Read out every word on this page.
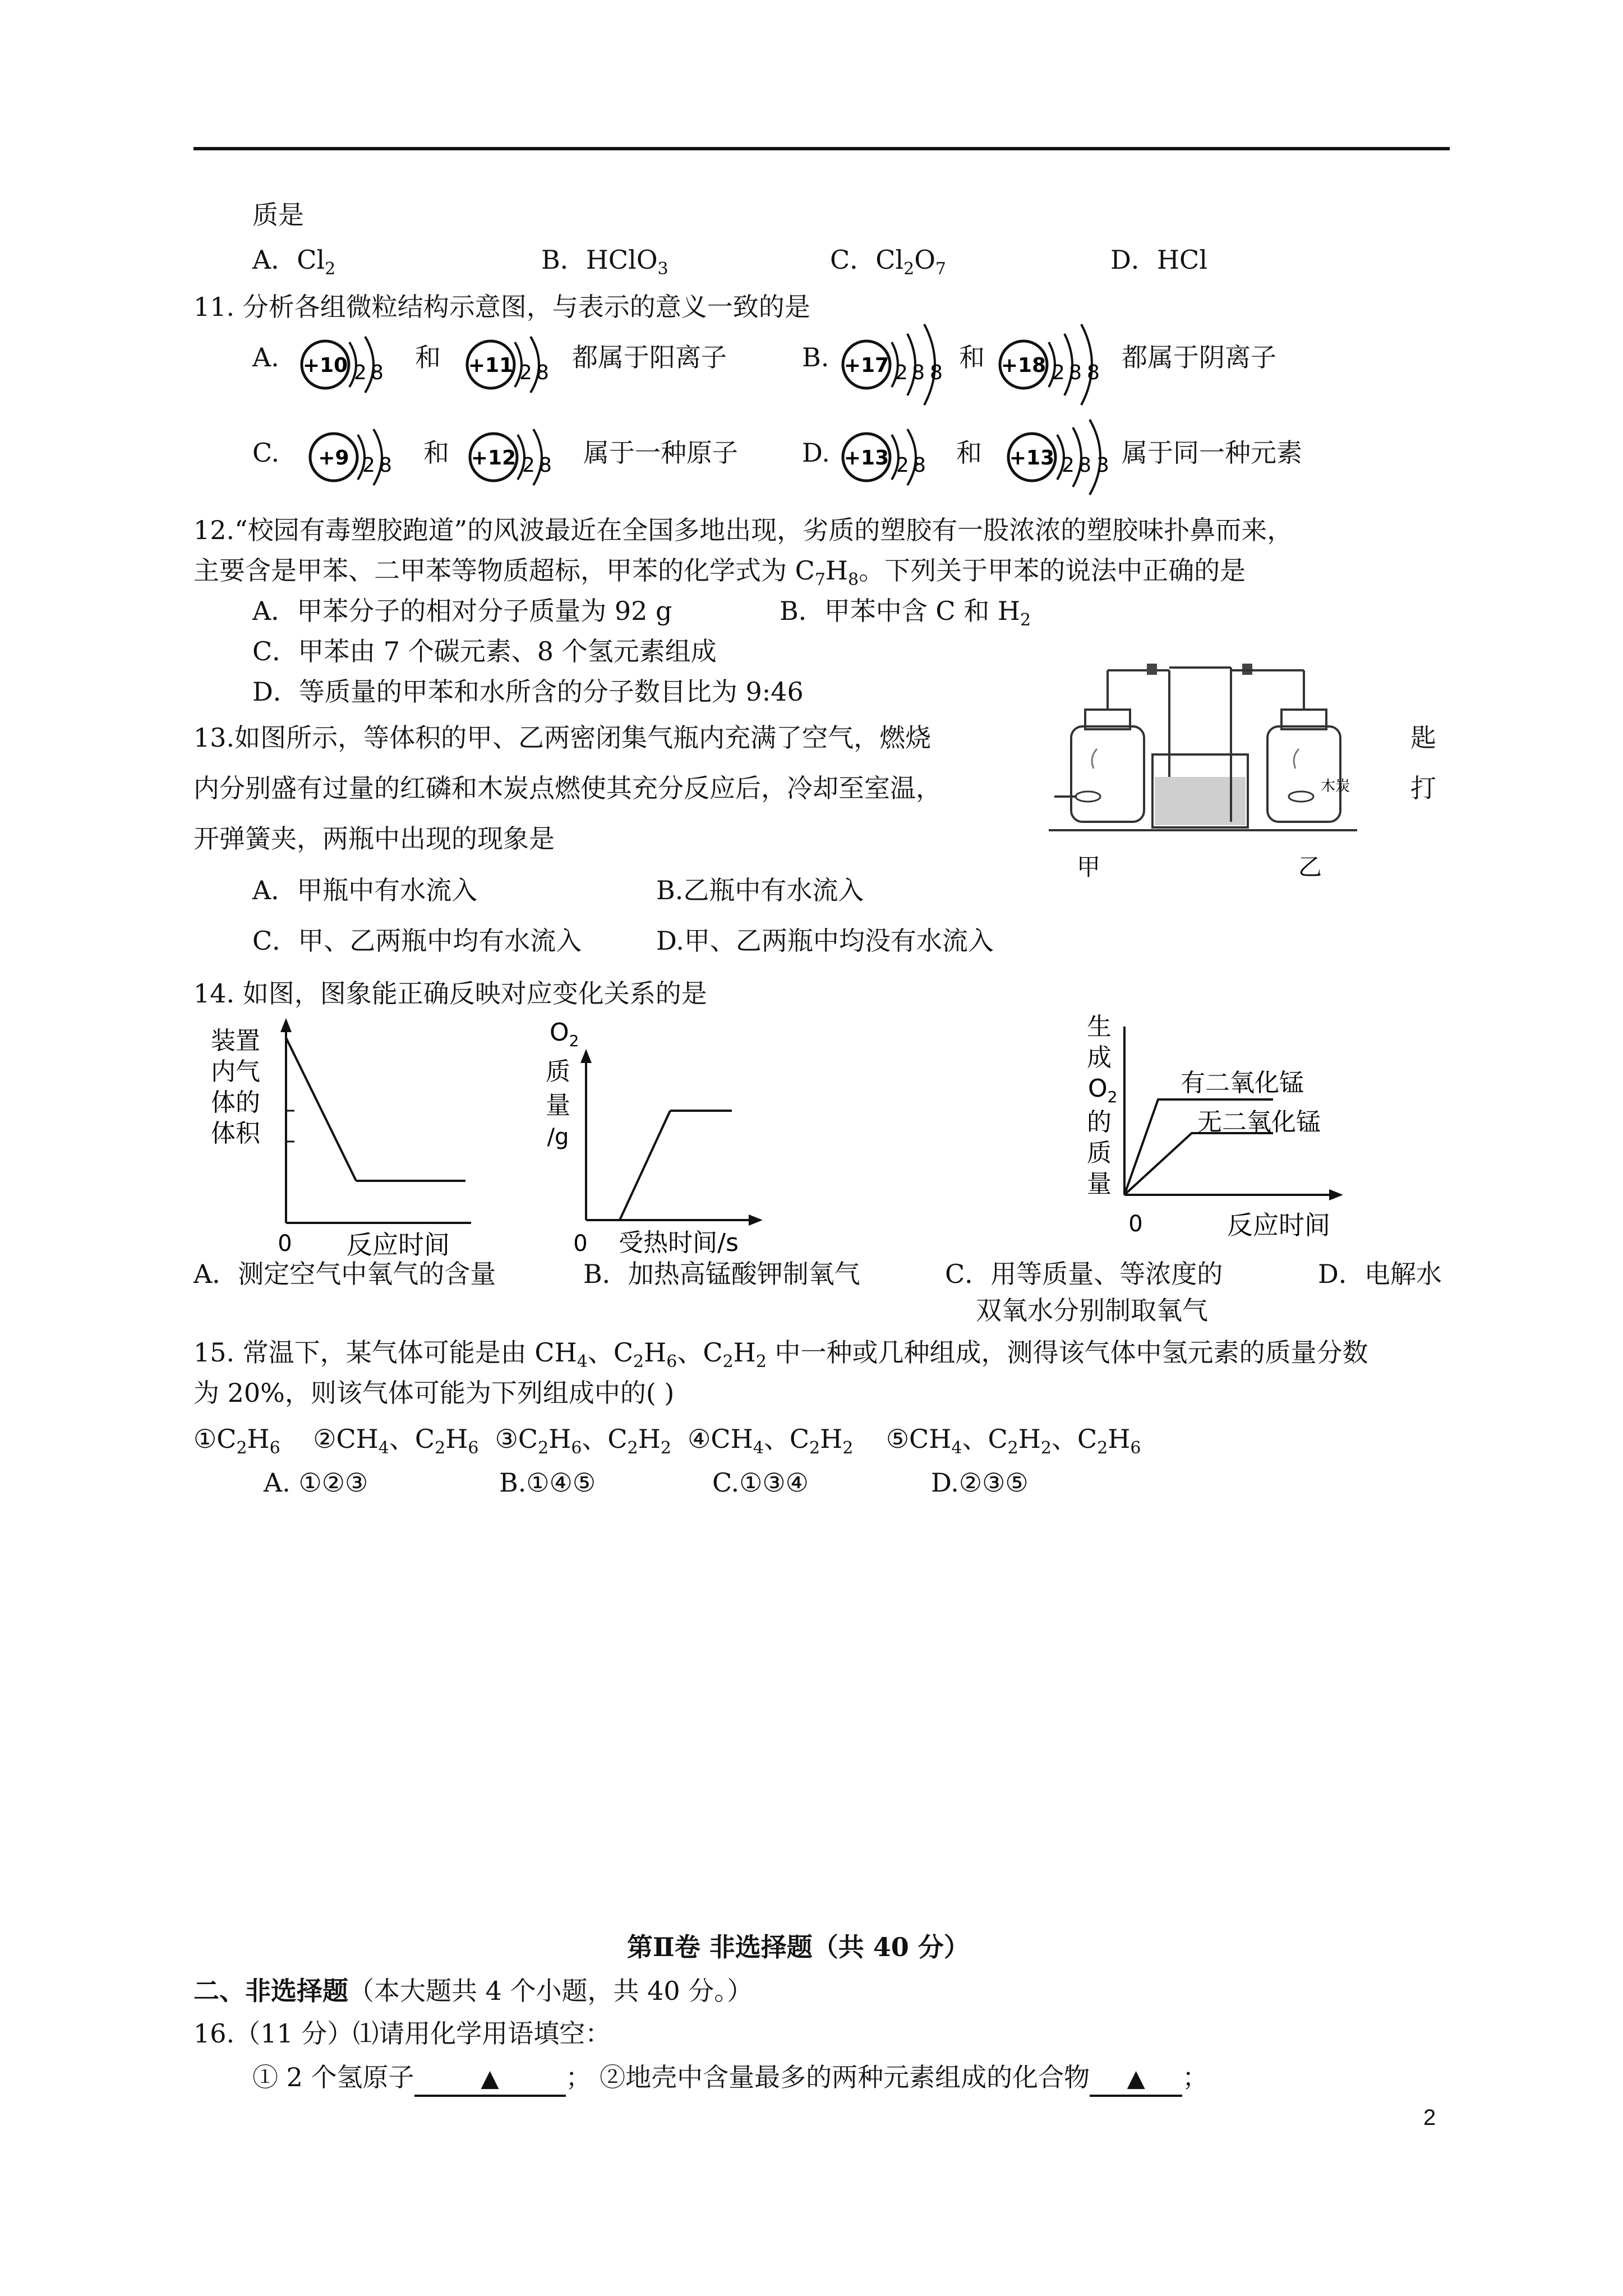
质是
A．$Cl_2$	B．HClO$_3$	C．$Cl_2O_7$	D．HCl
11. 分析各组微粒结构示意图，与表示的意义一致的是
A. +10 2 8
和 +11 2 8
都属于阳离子	B. +17 2 8 8
和 +18 2 8 8
都属于阴离子
C. +9 2 8 和 +12 2 8 属于一种原子 D. +13 2 8 和 +13 2 8 3 属于同一种元素
12.“校园有毒塑胶跑道”的风波最近在全国多地出现，劣质的塑胶有一股浓浓的塑胶味扑鼻而来，
主要含是甲苯、二甲苯等物质超标，甲苯的化学式为 $C_7H_8$。下列关于甲苯的说法中正确的是
A．甲苯分子的相对分子质量为 92 g	B．甲苯中含 C 和 $H_2$
C．甲苯由 7 个碳元素、8 个氢元素组成
D．等质量的甲苯和水所含的分子数目比为 9:46
13.如图所示，等体积的甲、乙两密闭集气瓶内充满了空气，燃烧	匙
内分别盛有过量的红磷和木炭点燃使其充分反应后，冷却至室温，	打
开弹簧夹，两瓶中出现的现象是
A．甲瓶中有水流入	B.乙瓶中有水流入
C．甲、乙两瓶中均有水流入	D.甲、乙两瓶中均没有水流入
木炭
甲	乙
14. 如图，图象能正确反映对应变化关系的是
装置
内气
体的
体积
0 反应时间
$O_2$
质
量
/g
0 受热时间/s
生
成
$O_2$
的
质
量
有二氧化锰
无二氧化锰
0	反应时间
A．测定空气中氧气的含量	B．加热高锰酸钾制氧气	C．用等质量、等浓度的
双氧水分别制取氧气
D．电解水
15. 常温下，某气体可能是由 $CH_4$、$C_2H_6$、$C_2H_2$ 中一种或几种组成，测得该气体中氢元素的质量分数
为 20%，则该气体可能为下列组成中的( )
$①C_2H_6$    $②CH_4$、$C_2H_6$  $③C_2H_6$、$C_2H_2$  $④CH_4$、$C_2H_2$    $⑤CH_4$、$C_2H_2$、$C_2H_6$
A. ①②③	B.①④⑤	C.①③④	D.②③⑤
第Ⅱ卷 非选择题（共 40 分）
二、非选择题（本大题共 4 个小题，共 40 分。）
16.（11 分）⑴请用化学用语填空：
① 2 个氢原子	▲	； ②地壳中含量最多的两种元素组成的化合物 ▲ ；
2
